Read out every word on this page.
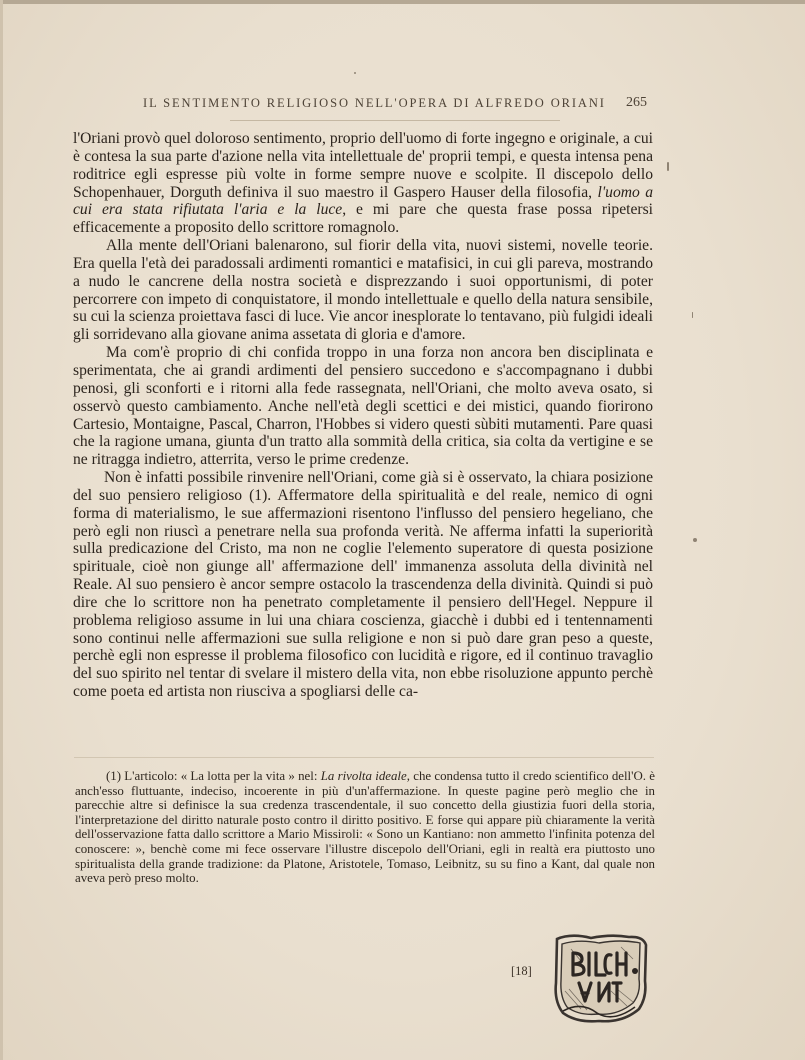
IL SENTIMENTO RELIGIOSO NELL'OPERA DI ALFREDO ORIANI 265

l'Oriani provò quel doloroso sentimento, proprio dell'uomo di forte ingegno e originale, a cui è contesa la sua parte d'azione nella vita intellettuale de' proprii tempi, e questa intensa pena roditrice egli espresse più volte in forme sempre nuove e scolpite. Il discepolo dello Schopenhauer, Dorguth definiva il suo maestro il Gaspero Hauser della filosofia, l'uomo a cui era stata rifiutata l'aria e la luce, e mi pare che questa frase possa ripetersi efficacemente a proposito dello scrittore romagnolo.

Alla mente dell'Oriani balenarono, sul fiorir della vita, nuovi sistemi, novelle teorie. Era quella l'età dei paradossali ardimenti romantici e matafisici, in cui gli pareva, mostrando a nudo le cancrene della nostra società e disprezzando i suoi opportunismi, di poter percorrere con impeto di conquistatore, il mondo intellettuale e quello della natura sensibile, su cui la scienza proiettava fasci di luce. Vie ancor inesplorate lo tentavano, più fulgidi ideali gli sorridevano alla giovane anima assetata di gloria e d'amore.

Ma com'è proprio di chi confida troppo in una forza non ancora ben disciplinata e sperimentata, che ai grandi ardimenti del pensiero succedono e s'accompagnano i dubbi penosi, gli sconforti e i ritorni alla fede rassegnata, nell'Oriani, che molto aveva osato, si osservò questo cambiamento. Anche nell'età degli scettici e dei mistici, quando fiorirono Cartesio, Montaigne, Pascal, Charron, l'Hobbes si videro questi sùbiti mutamenti. Pare quasi che la ragione umana, giunta d'un tratto alla sommità della critica, sia colta da vertigine e se ne ritragga indietro, atterrita, verso le prime credenze.

Non è infatti possibile rinvenire nell'Oriani, come già si è osservato, la chiara posizione del suo pensiero religioso (1). Affermatore della spiritualità e del reale, nemico di ogni forma di materialismo, le sue affermazioni risentono l'influsso del pensiero hegeliano, che però egli non riuscì a penetrare nella sua profonda verità. Ne afferma infatti la superiorità sulla predicazione del Cristo, ma non ne coglie l'elemento superatore di questa posizione spirituale, cioè non giunge all' affermazione dell' immanenza assoluta della divinità nel Reale. Al suo pensiero è ancor sempre ostacolo la trascendenza della divinità. Quindi si può dire che lo scrittore non ha penetrato completamente il pensiero dell'Hegel. Neppure il problema religioso assume in lui una chiara coscienza, giacchè i dubbi ed i tentennamenti sono continui nelle affermazioni sue sulla religione e non si può dare gran peso a queste, perchè egli non espresse il problema filosofico con lucidità e rigore, ed il continuo travaglio del suo spirito nel tentar di svelare il mistero della vita, non ebbe risoluzione appunto perchè come poeta ed artista non riusciva a spogliarsi delle ca-

(1) L'articolo: « La lotta per la vita » nel: La rivolta ideale, che condensa tutto il credo scientifico dell'O. è anch'esso fluttuante, indeciso, incoerente in più d'un'affermazione. In queste pagine però meglio che in parecchie altre si definisce la sua credenza trascendentale, il suo concetto della giustizia fuori della storia, l'interpretazione del diritto naturale posto contro il diritto positivo. E forse qui appare più chiaramente la verità dell'osservazione fatta dallo scrittore a Mario Missiroli: « Sono un Kantiano: non ammetto l'infinita potenza del conoscere: », benchè come mi fece osservare l'illustre discepolo dell'Oriani, egli in realtà era piuttosto uno spiritualista della grande tradizione: da Platone, Aristotele, Tomaso, Leibnitz, su su fino a Kant, dal quale non aveva però preso molto.

[18]
